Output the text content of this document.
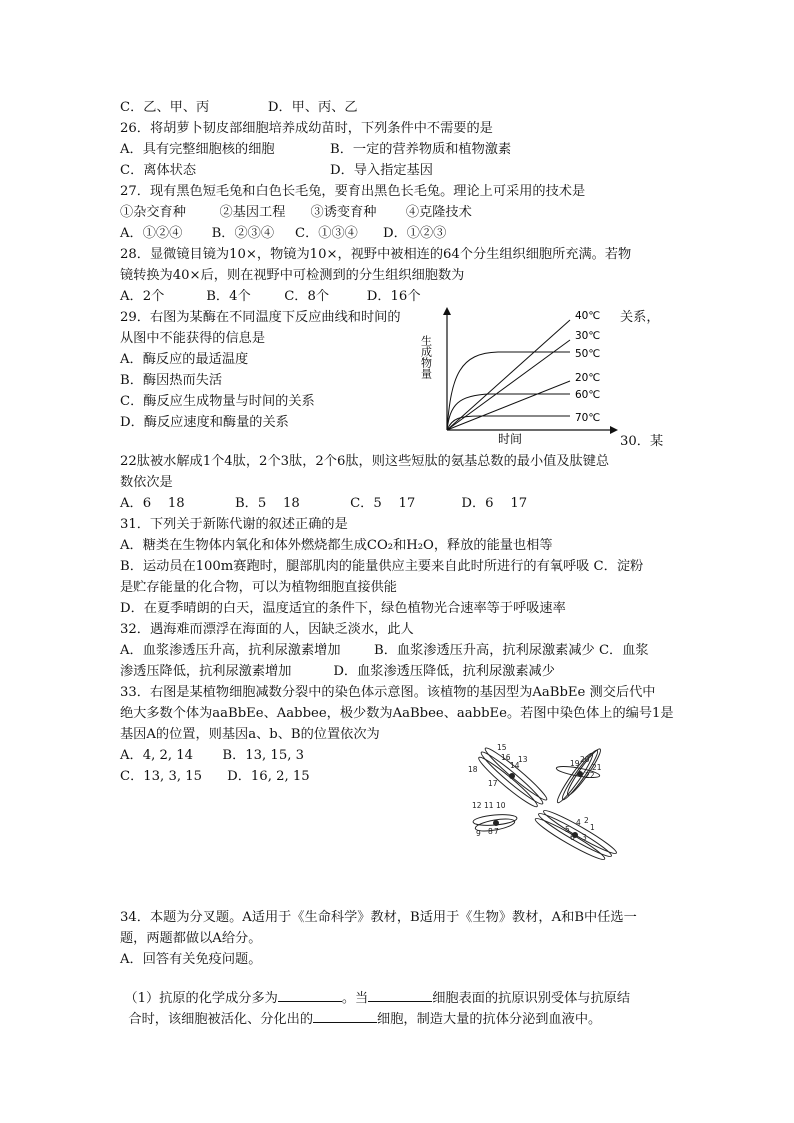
C．乙、甲、丙              D．甲、丙、乙
26．将胡萝卜韧皮部细胞培养成幼苗时，下列条件中不需要的是
A．具有完整细胞核的细胞	B．一定的营养物质和植物激素
C．离体状态	D．导入指定基因
27．现有黑色短毛兔和白色长毛兔，要育出黑色长毛兔。理论上可采用的技术是
①杂交育种        ②基因工程      ③诱变育种       ④克隆技术
A．①②④       B．②③④     C．①③④      D．①②③
28．显微镜目镜为10×，物镜为10×，视野中被相连的64个分生组织细胞所充满。若物
镜转换为40×后，则在视野中可检测到的分生组织细胞数为
A．2个          B．4个        C．8个         D．16个
29．右图为某酶在不同温度下反应曲线和时间的	关系，
从图中不能获得的信息是
A．酶反应的最适温度
B．酶因热而失活
C．酶反应生成物量与时间的关系
D．酶反应速度和酶量的关系
生成物量
时间
40℃
30℃
50℃
20℃
60℃
70℃
30．某
22肽被水解成1个4肽，2个3肽，2个6肽，则这些短肽的氨基总数的最小值及肽键总
数依次是
A．6    18            B．5    18            C．5    17           D．6    17
31．下列关于新陈代谢的叙述正确的是
A．糖类在生物体内氧化和体外燃烧都生成CO₂和H₂O，释放的能量也相等
B．运动员在100m赛跑时，腿部肌肉的能量供应主要来自此时所进行的有氧呼吸 C．淀粉
是贮存能量的化合物，可以为植物细胞直接供能
D．在夏季晴朗的白天，温度适宜的条件下，绿色植物光合速率等于呼吸速率
32．遇海难而漂浮在海面的人，因缺乏淡水，此人
A．血浆渗透压升高，抗利尿激素增加        B．血浆渗透压升高，抗利尿激素减少 C．血浆
渗透压降低，抗利尿激素增加          D．血浆渗透压降低，抗利尿激素减少
33．右图是某植物细胞减数分裂中的染色体示意图。该植物的基因型为AaBbEe 测交后代中
绝大多数个体为aaBbEe、Aabbee，极少数为AaBbee、aabbEe。若图中染色体上的编号1是
基因A的位置，则基因a、b、B的位置依次为
A．4, 2, 14       B．13, 15, 3
C．13, 3, 15      D．16, 2, 15
15
16
14
18
17
13	19 20
21
22
12 11 10
9 8 7	5
6
4 2
3
1
34．本题为分叉题。A适用于《生命科学》教材，B适用于《生物》教材，A和B中任选一
题，两题都做以A给分。
A．回答有关免疫问题。

（1）抗原的化学成分多为	。当	细胞表面的抗原识别受体与抗原结

合时，该细胞被活化、分化出的	细胞，制造大量的抗体分泌到血液中。
